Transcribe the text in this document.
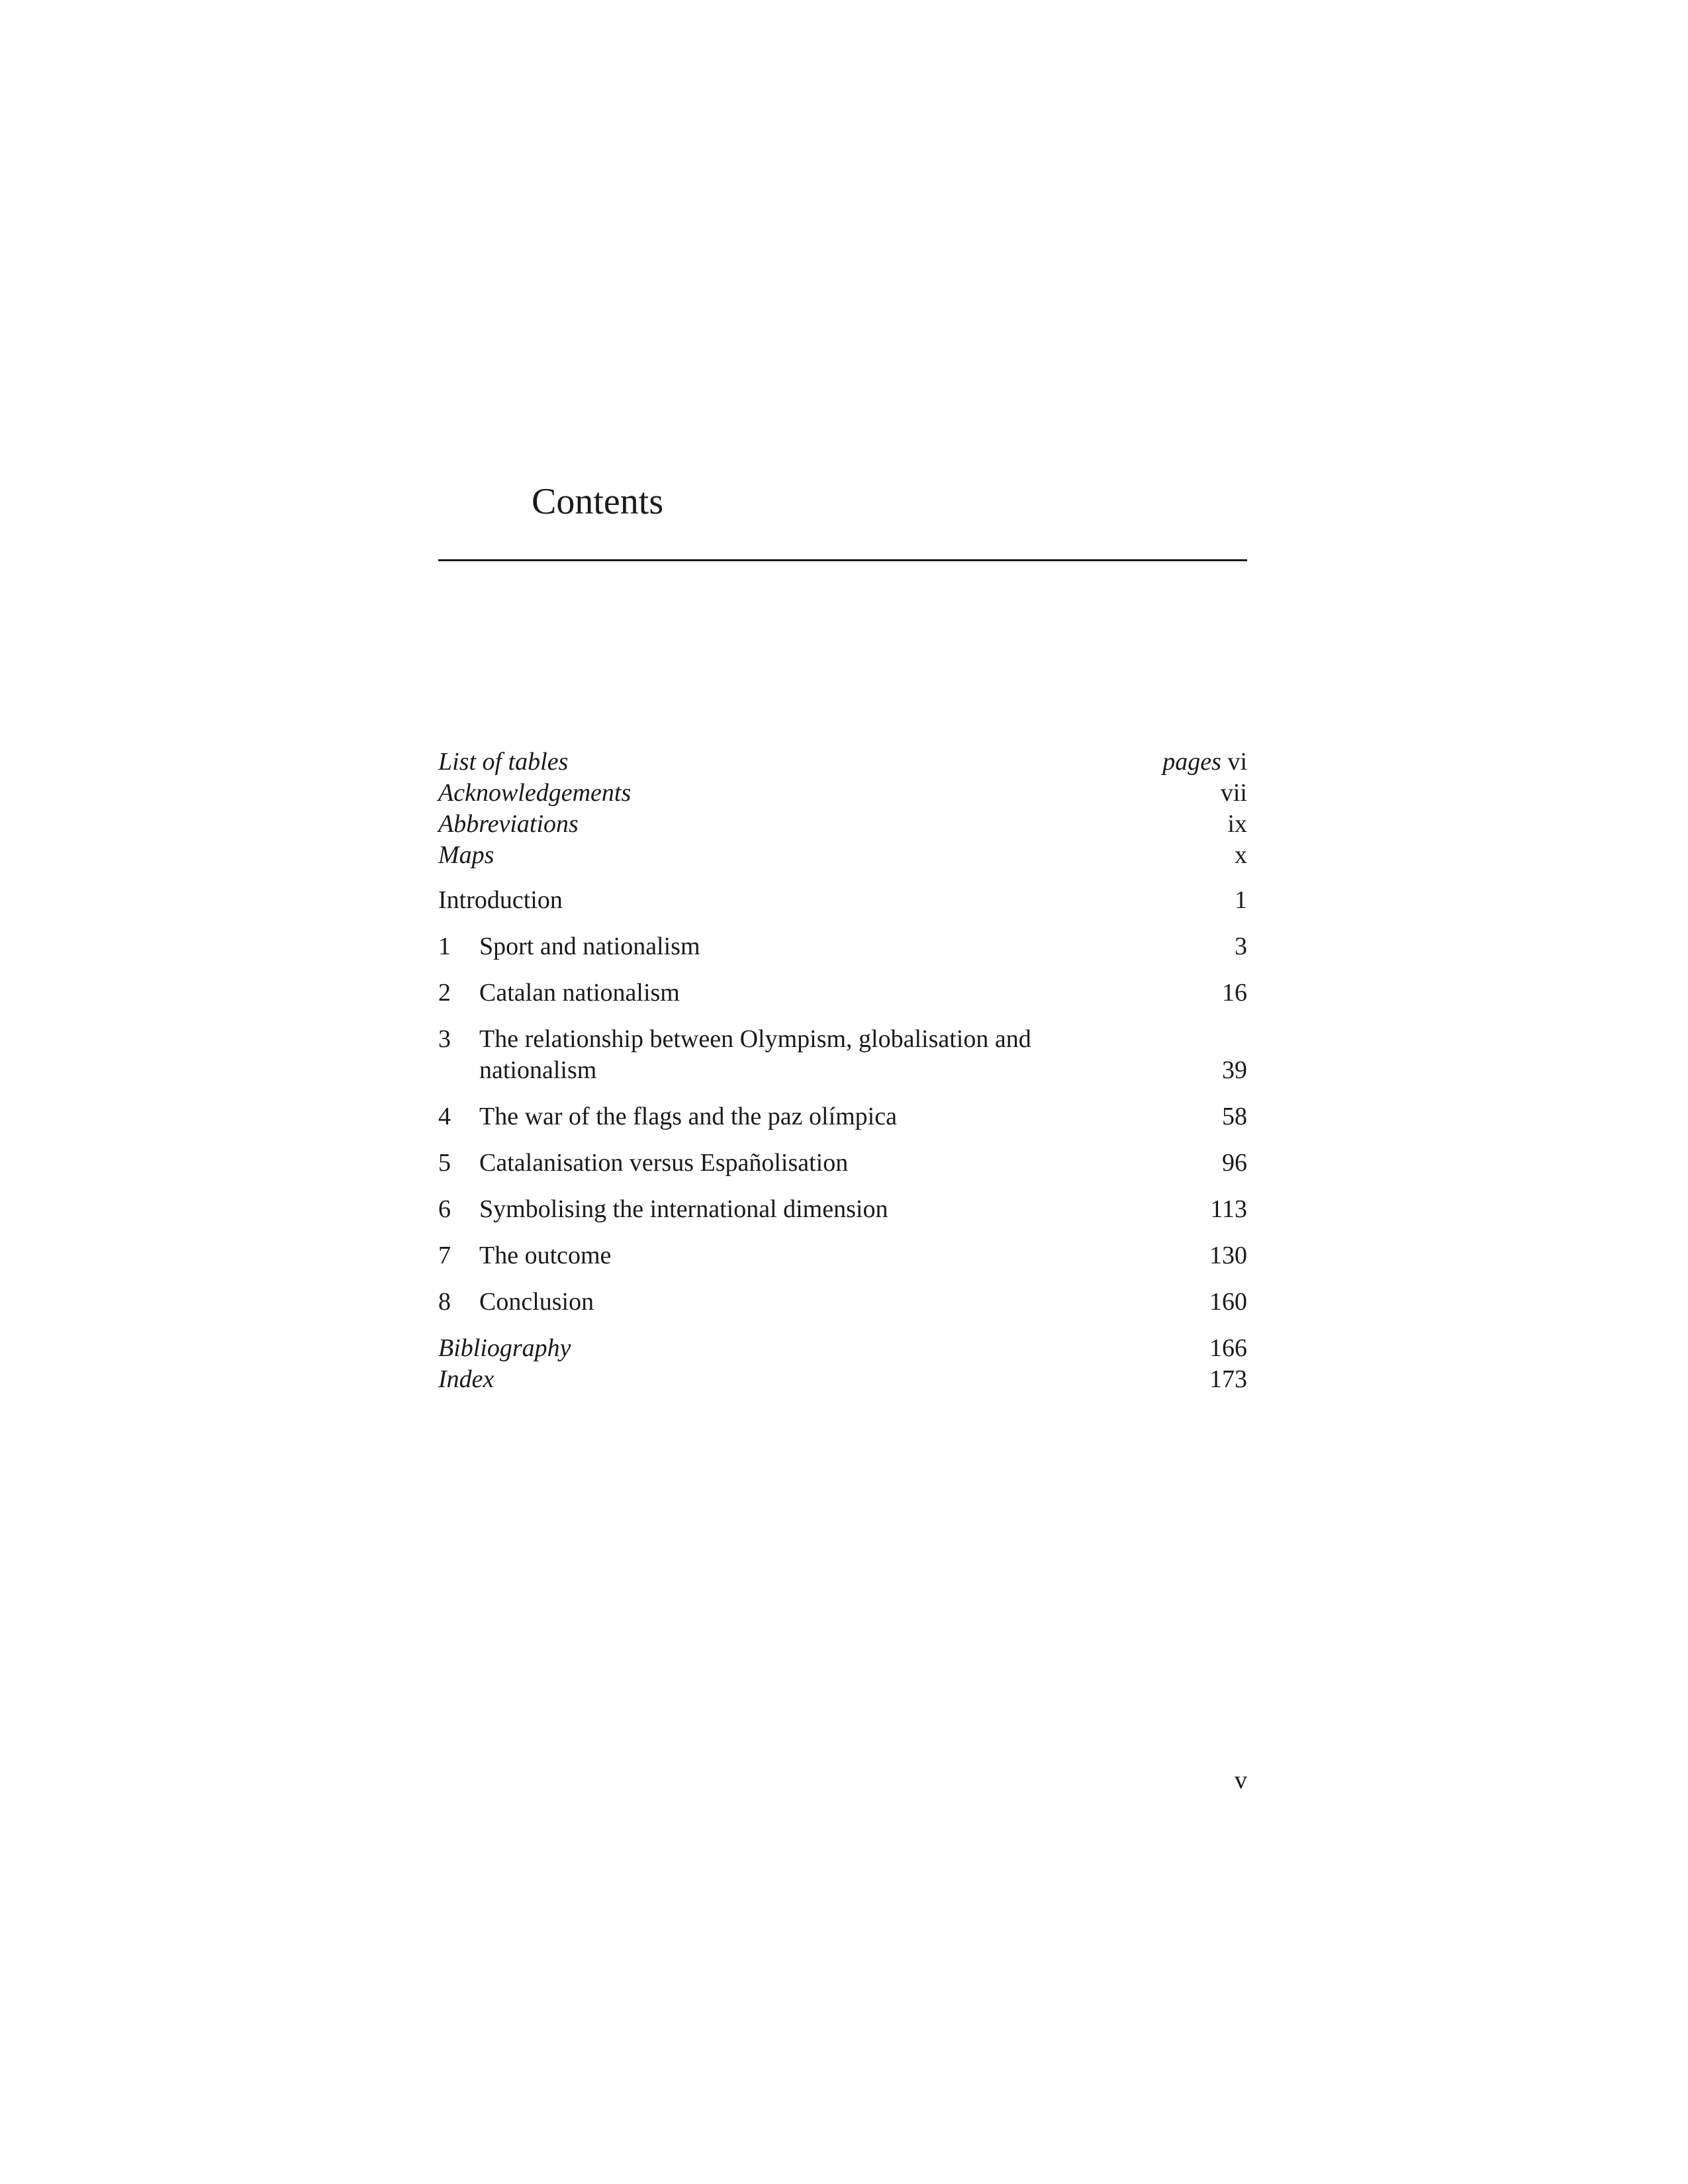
Contents
List of tables	pages vi
Acknowledgements	vii
Abbreviations	ix
Maps	x
Introduction	1
1	Sport and nationalism	3
2	Catalan nationalism	16
3	The relationship between Olympism, globalisation and nationalism	39
4	The war of the flags and the paz olímpica	58
5	Catalanisation versus Españolisation	96
6	Symbolising the international dimension	113
7	The outcome	130
8	Conclusion	160
Bibliography	166
Index	173
v
